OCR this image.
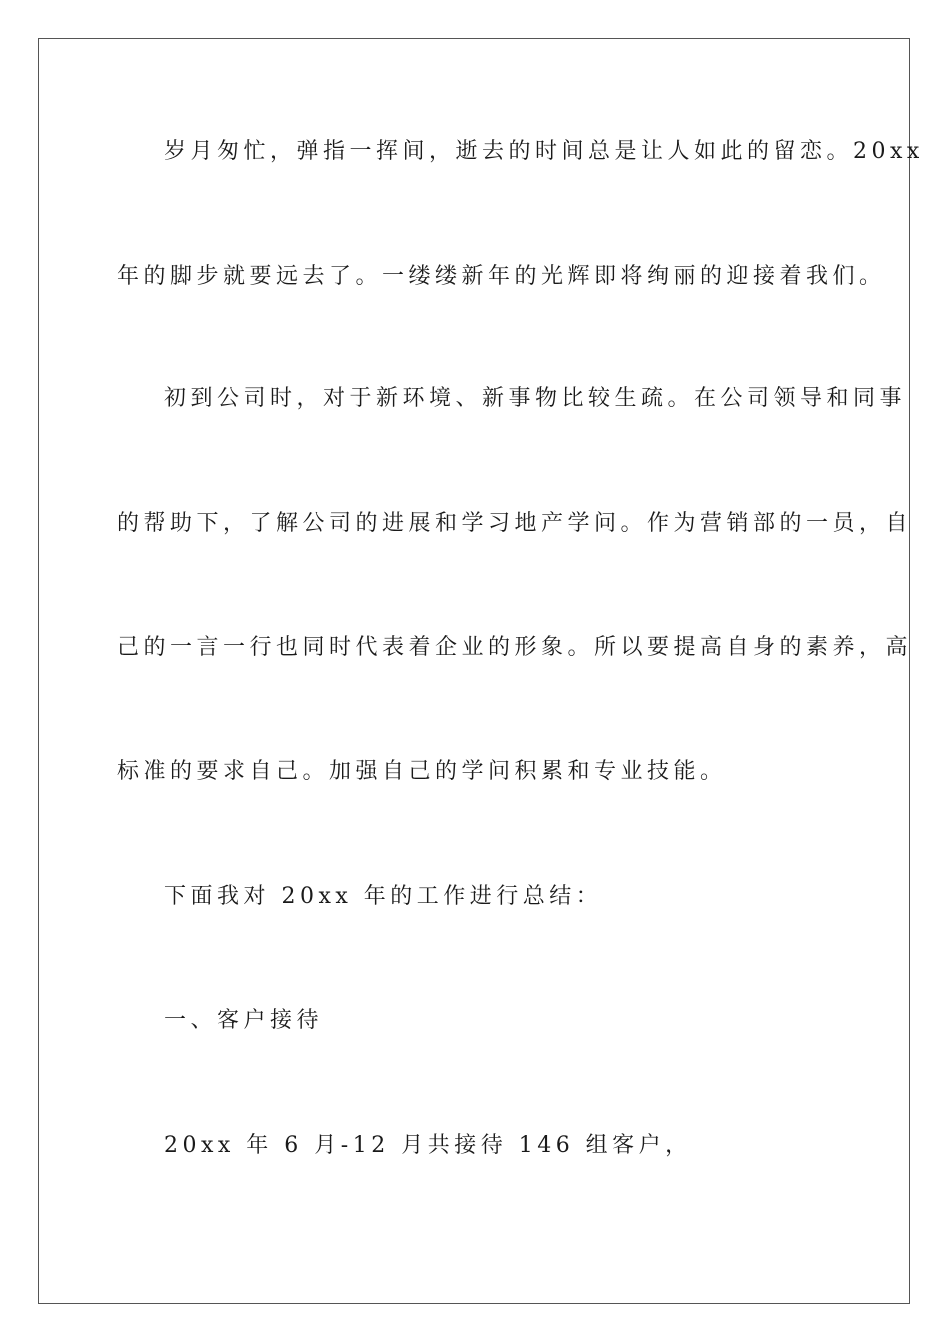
岁月匆忙，弹指一挥间，逝去的时间总是让人如此的留恋。20xx
年的脚步就要远去了。一缕缕新年的光辉即将绚丽的迎接着我们。
初到公司时，对于新环境、新事物比较生疏。在公司领导和同事
的帮助下，了解公司的进展和学习地产学问。作为营销部的一员，自
己的一言一行也同时代表着企业的形象。所以要提高自身的素养，高
标准的要求自己。加强自己的学问积累和专业技能。
下面我对 20xx 年的工作进行总结：
一、客户接待
20xx 年 6 月-12 月共接待 146 组客户，
